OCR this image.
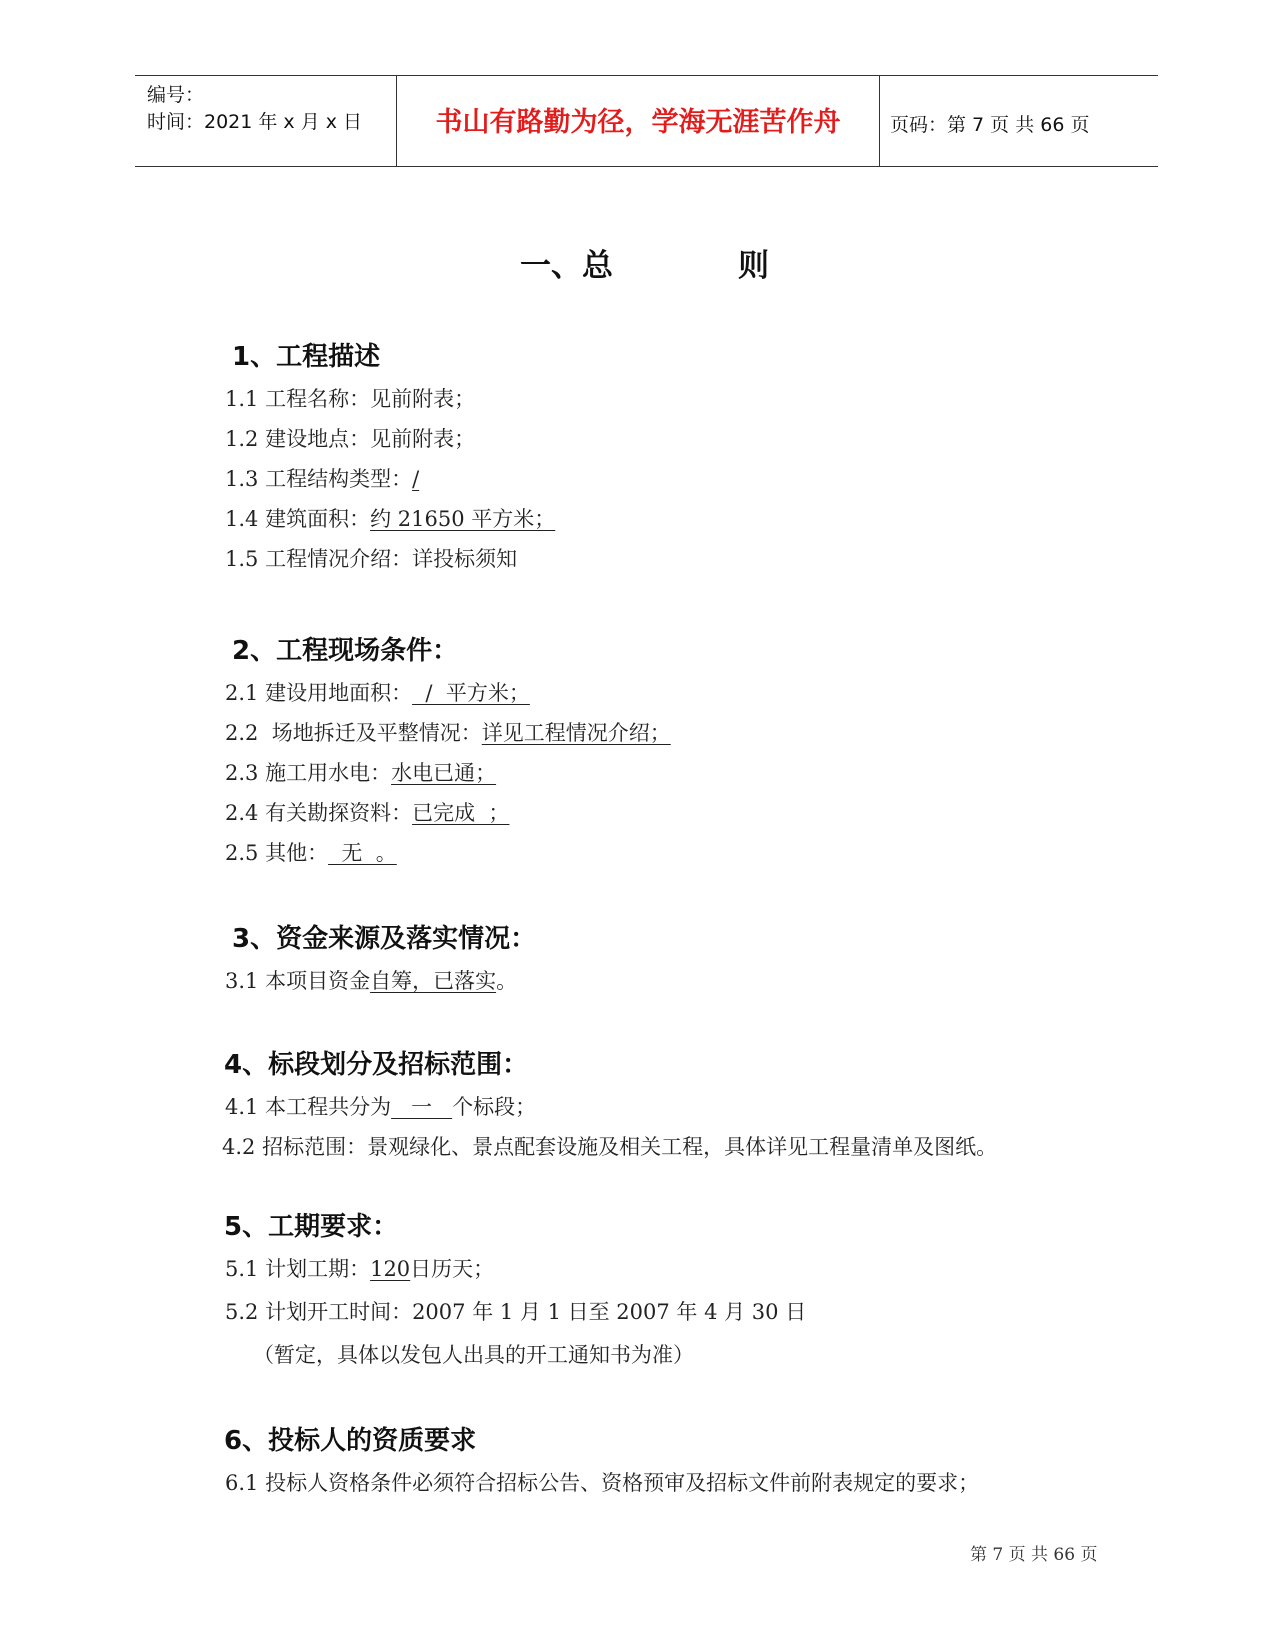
编号：
时间：2021 年 x 月 x 日	书山有路勤为径，学海无涯苦作舟	页码：第 7 页 共 66 页
一、总	则
1、工程描述
1.1 工程名称：见前附表；
1.2 建设地点：见前附表；
1.3 工程结构类型：/
1.4 建筑面积：约 21650 平方米；
1.5 工程情况介绍：详投标须知
2、工程现场条件：
2.1 建设用地面积：  /  平方米；
2.2  场地拆迁及平整情况：详见工程情况介绍；
2.3 施工用水电：水电已通；
2.4 有关勘探资料：已完成  ；
2.5 其他：  无  。
3、资金来源及落实情况：
3.1 本项目资金自筹，已落实。
4、标段划分及招标范围：
4.1 本工程共分为   一   个标段；
4.2 招标范围：景观绿化、景点配套设施及相关工程，具体详见工程量清单及图纸。
5、工期要求：
5.1 计划工期：120日历天；
5.2 计划开工时间：2007 年 1 月 1 日至 2007 年 4 月 30 日
（暂定，具体以发包人出具的开工通知书为准）
6、投标人的资质要求
6.1 投标人资格条件必须符合招标公告、资格预审及招标文件前附表规定的要求；
第 7 页 共 66 页
